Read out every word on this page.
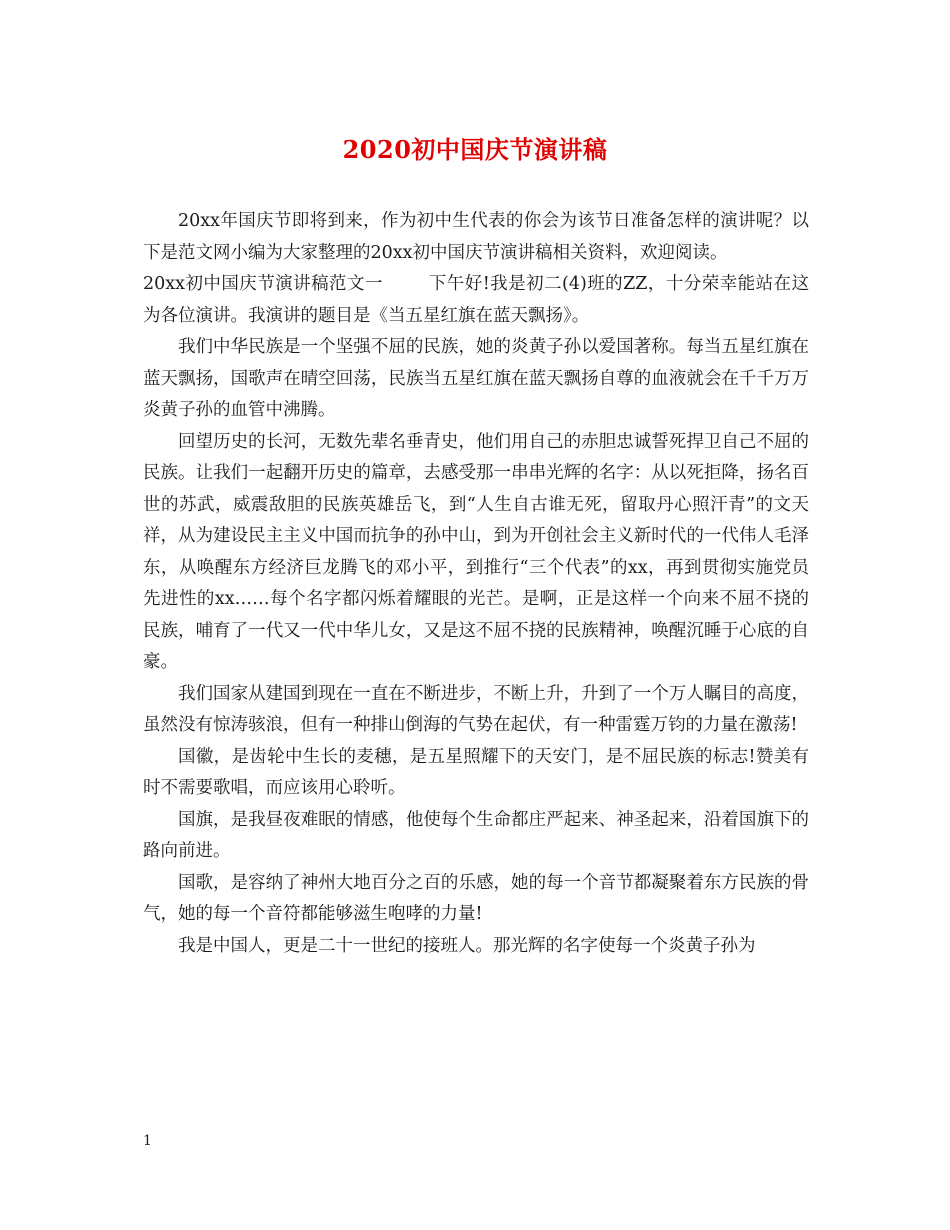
2020初中国庆节演讲稿

20xx年国庆节即将到来，作为初中生代表的你会为该节日准备怎样的演讲呢？以下是范文网小编为大家整理的20xx初中国庆节演讲稿相关资料，欢迎阅读。

20xx初中国庆节演讲稿范文一	下午好!我是初二(4)班的ZZ，十分荣幸能站在这为各位演讲。我演讲的题目是《当五星红旗在蓝天飘扬》。

我们中华民族是一个坚强不屈的民族，她的炎黄子孙以爱国著称。每当五星红旗在蓝天飘扬，国歌声在晴空回荡，民族当五星红旗在蓝天飘扬自尊的血液就会在千千万万炎黄子孙的血管中沸腾。

回望历史的长河，无数先辈名垂青史，他们用自己的赤胆忠诚誓死捍卫自己不屈的民族。让我们一起翻开历史的篇章，去感受那一串串光辉的名字：从以死拒降，扬名百世的苏武，威震敌胆的民族英雄岳飞，到“人生自古谁无死，留取丹心照汗青”的文天祥，从为建设民主主义中国而抗争的孙中山，到为开创社会主义新时代的一代伟人毛泽东，从唤醒东方经济巨龙腾飞的邓小平，到推行“三个代表”的xx，再到贯彻实施党员先进性的xx……每个名字都闪烁着耀眼的光芒。是啊，正是这样一个向来不屈不挠的民族，哺育了一代又一代中华儿女，又是这不屈不挠的民族精神，唤醒沉睡于心底的自豪。

我们国家从建国到现在一直在不断进步，不断上升，升到了一个万人瞩目的高度，虽然没有惊涛骇浪，但有一种排山倒海的气势在起伏，有一种雷霆万钧的力量在激荡!

国徽，是齿轮中生长的麦穗，是五星照耀下的天安门，是不屈民族的标志!赞美有时不需要歌唱，而应该用心聆听。

国旗，是我昼夜难眠的情感，他使每个生命都庄严起来、神圣起来，沿着国旗下的路向前进。

国歌，是容纳了神州大地百分之百的乐感，她的每一个音节都凝聚着东方民族的骨气，她的每一个音符都能够滋生咆哮的力量!

我是中国人，更是二十一世纪的接班人。那光辉的名字使每一个炎黄子孙为

1
